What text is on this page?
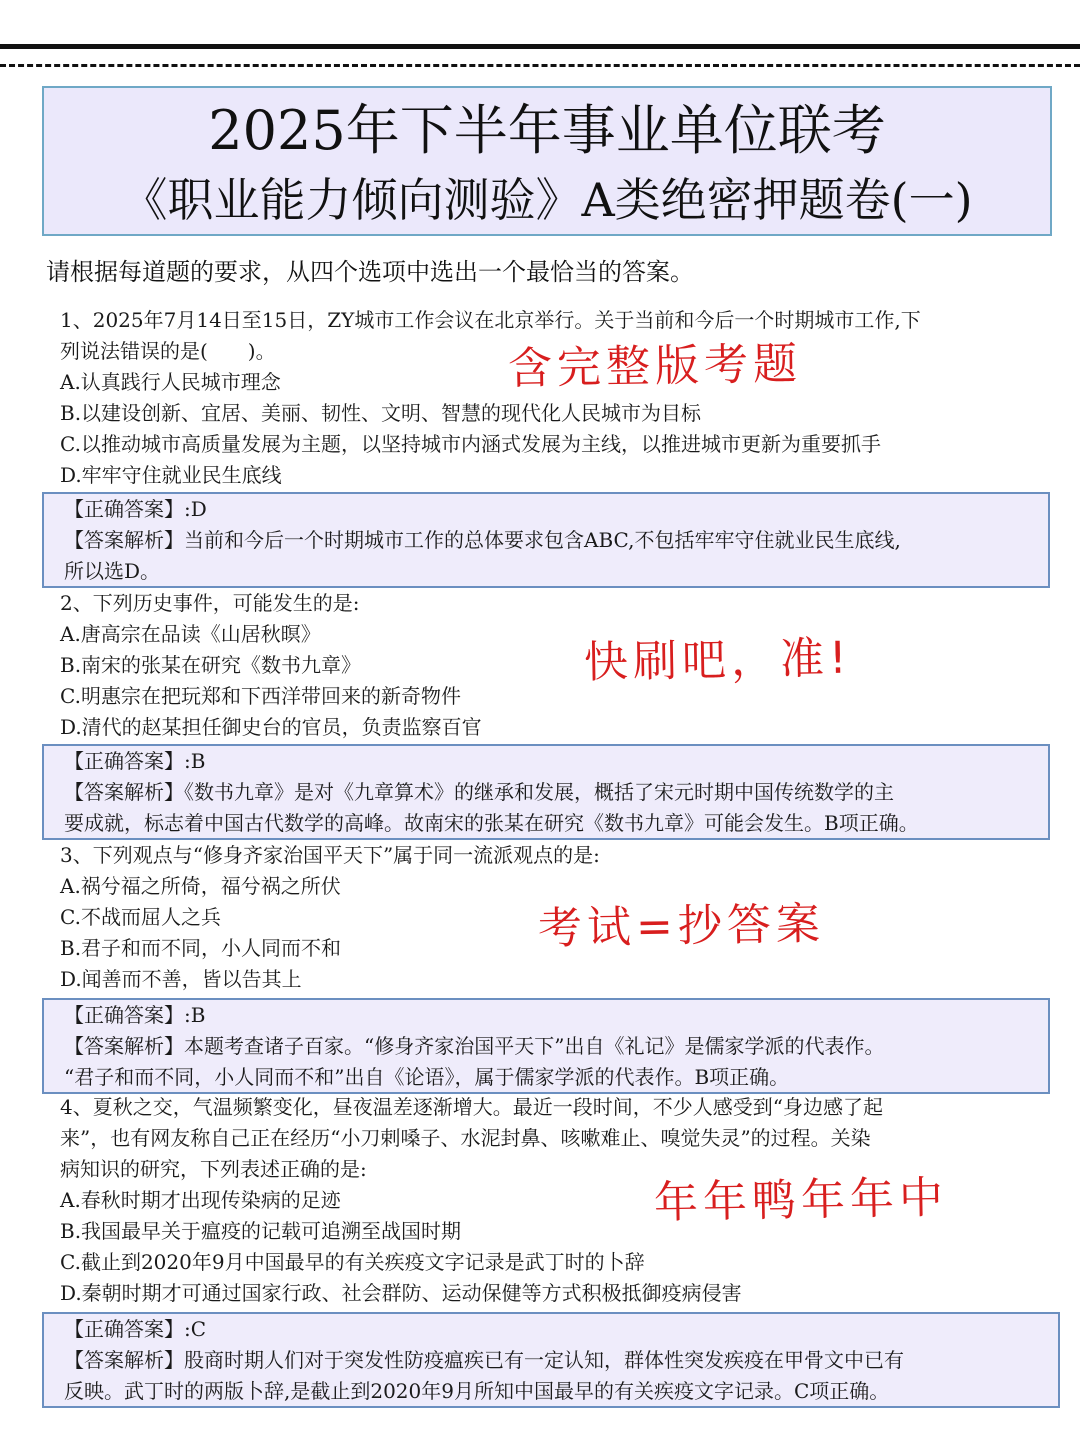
2025年下半年事业单位联考
《职业能力倾向测验》A类绝密押题卷(一)
请根据每道题的要求，从四个选项中选出一个最恰当的答案。
1、2025年7月14日至15日，ZY城市工作会议在北京举行。关于当前和今后一个时期城市工作,下
列说法错误的是(　　)。
A.认真践行人民城市理念
B.以建设创新、宜居、美丽、韧性、文明、智慧的现代化人民城市为目标
C.以推动城市高质量发展为主题，以坚持城市内涵式发展为主线，以推进城市更新为重要抓手
D.牢牢守住就业民生底线
【正确答案】:D
【答案解析】当前和今后一个时期城市工作的总体要求包含ABC,不包括牢牢守住就业民生底线,
所以选D。
2、下列历史事件，可能发生的是:
A.唐高宗在品读《山居秋暝》
B.南宋的张某在研究《数书九章》
C.明惠宗在把玩郑和下西洋带回来的新奇物件
D.清代的赵某担任御史台的官员，负责监察百官
【正确答案】:B
【答案解析】《数书九章》是对《九章算术》的继承和发展，概括了宋元时期中国传统数学的主
要成就，标志着中国古代数学的高峰。故南宋的张某在研究《数书九章》可能会发生。B项正确。
3、下列观点与“修身齐家治国平天下”属于同一流派观点的是:
A.祸兮福之所倚，福兮祸之所伏
C.不战而屈人之兵
B.君子和而不同，小人同而不和
D.闻善而不善，皆以告其上
【正确答案】:B
【答案解析】本题考查诸子百家。“修身齐家治国平天下”出自《礼记》是儒家学派的代表作。
“君子和而不同，小人同而不和”出自《论语》，属于儒家学派的代表作。B项正确。
4、夏秋之交，气温频繁变化，昼夜温差逐渐增大。最近一段时间，不少人感受到“身边感了起
来”，也有网友称自己正在经历“小刀剌嗓子、水泥封鼻、咳嗽难止、嗅觉失灵”的过程。关染
病知识的研究，下列表述正确的是:
A.春秋时期才出现传染病的足迹
B.我国最早关于瘟疫的记载可追溯至战国时期
C.截止到2020年9月中国最早的有关疾疫文字记录是武丁时的卜辞
D.秦朝时期才可通过国家行政、社会群防、运动保健等方式积极抵御疫病侵害
【正确答案】:C
【答案解析】股商时期人们对于突发性防疫瘟疾已有一定认知，群体性突发疾疫在甲骨文中已有
反映。武丁时的两版卜辞,是截止到2020年9月所知中国最早的有关疾疫文字记录。C项正确。
含完整版考题
快刷吧，准!
考试=抄答案
年年鸭年年中
